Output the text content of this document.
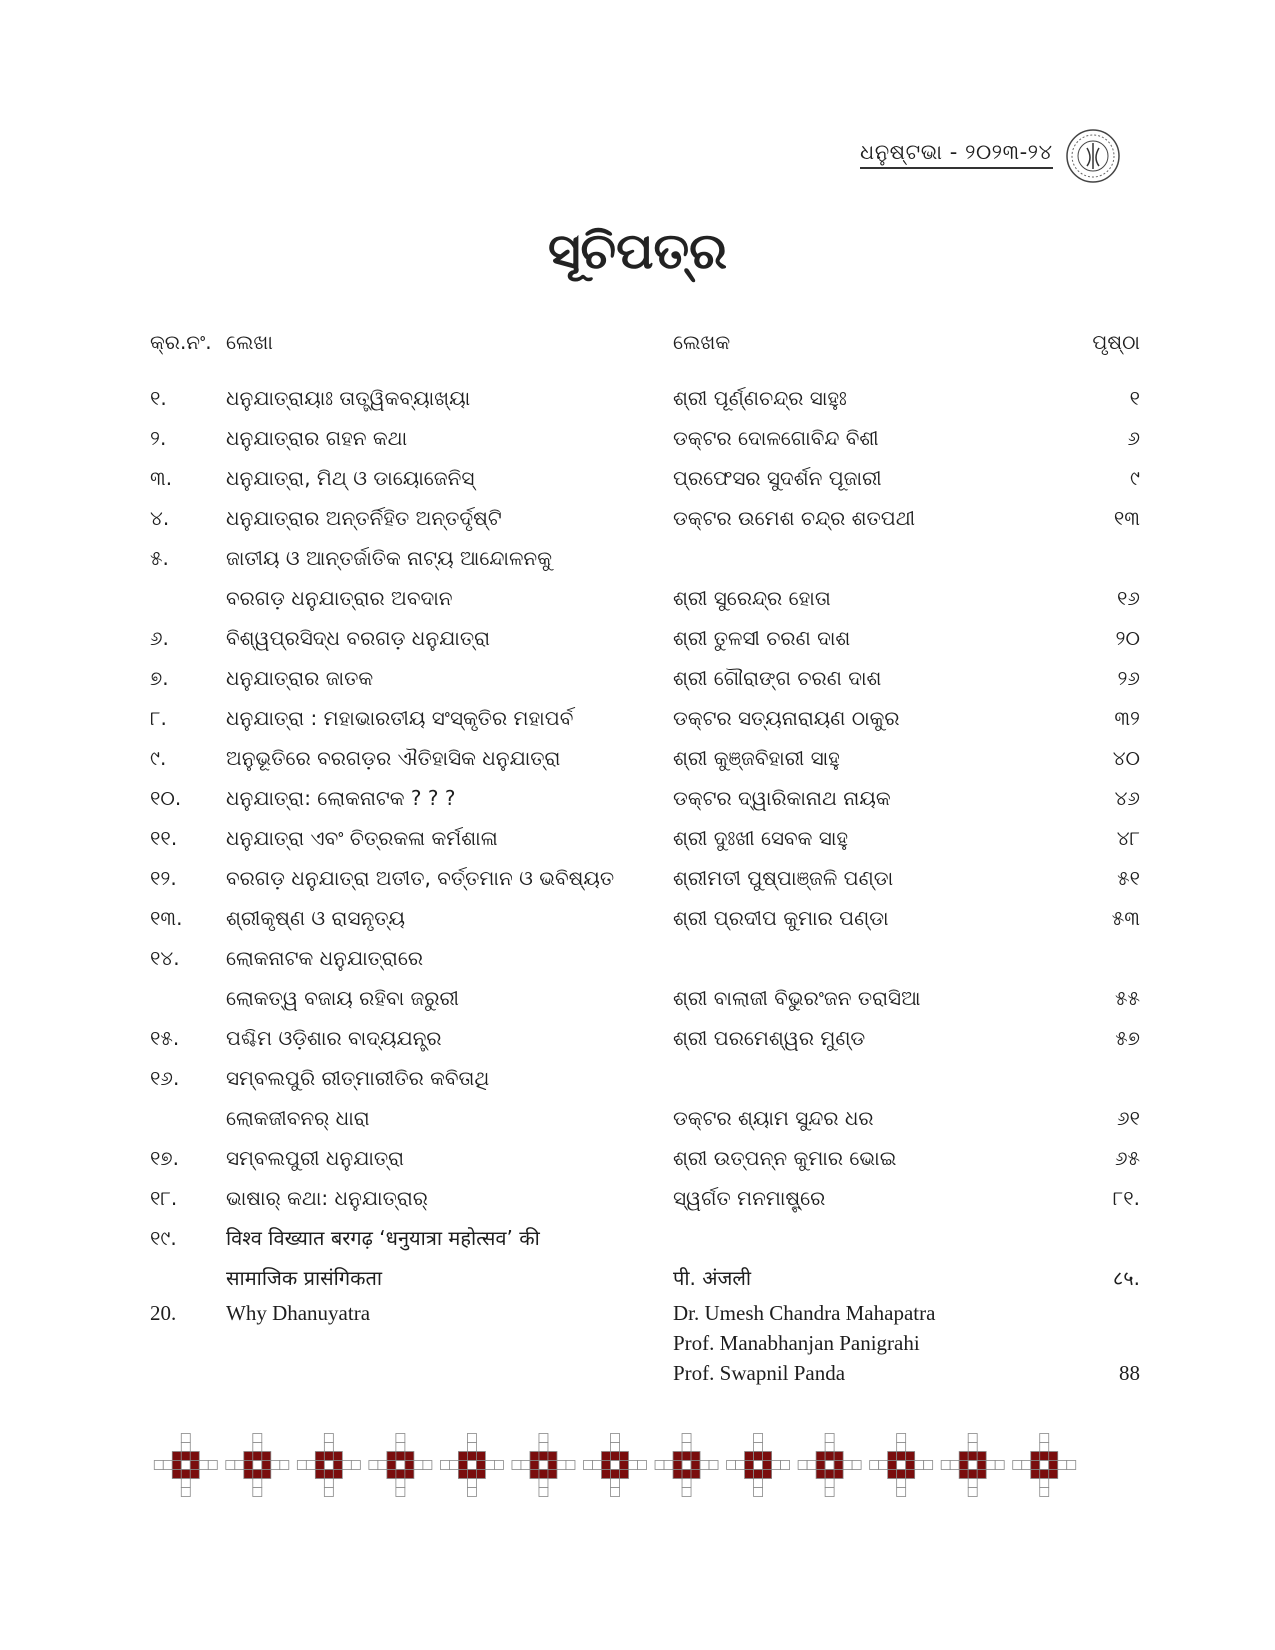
ଧନୁଷ୍ଟଭା - ୨୦୨୩-୨୪
ସୂଚିପତ୍ର
କ୍ର.ନଂ. ଲେଖା	ଲେଖକ	ପୃଷ୍ଠା
୧.	ଧନୁଯାତ୍ରାୟାଃ ତାତ୍ତ୍ୱିକବ୍ୟାଖ୍ୟା	ଶ୍ରୀ ପୂର୍ଣ୍ଣଚନ୍ଦ୍ର ସାହୁଃ	୧
୨.	ଧନୁଯାତ୍ରାର ଗହନ କଥା	ଡକ୍ଟର ଦୋଳଗୋବିନ୍ଦ ବିଶୀ	୬
୩.	ଧନୁଯାତ୍ରା, ମିଥ୍ ଓ ଡାୟୋଜେନିସ୍	ପ୍ରଫେସର ସୁଦର୍ଶନ ପୂଜାରୀ	୯
୪.	ଧନୁଯାତ୍ରାର ଅନ୍ତର୍ନିହିତ ଅନ୍ତର୍ଦୃଷ୍ଟି	ଡକ୍ଟର ଉମେଶ ଚନ୍ଦ୍ର ଶତପଥୀ	୧୩
୫.	ଜାତୀୟ ଓ ଆନ୍ତର୍ଜାତିକ ନାଟ୍ୟ ଆନ୍ଦୋଳନକୁ
ବରଗଡ଼ ଧନୁଯାତ୍ରାର ଅବଦାନ	ଶ୍ରୀ ସୁରେନ୍ଦ୍ର ହୋତା	୧୬
୬.	ବିଶ୍ୱପ୍ରସିଦ୍ଧ ବରଗଡ଼ ଧନୁଯାତ୍ରା	ଶ୍ରୀ ତୁଳସୀ ଚରଣ ଦାଶ	୨୦
୭.	ଧନୁଯାତ୍ରାର ଜାତକ	ଶ୍ରୀ ଗୌରାଙ୍ଗ ଚରଣ ଦାଶ	୨୬
୮.	ଧନୁଯାତ୍ରା : ମହାଭାରତୀୟ ସଂସ୍କୃତିର ମହାପର୍ବ	ଡକ୍ଟର ସତ୍ୟନାରାୟଣ ଠାକୁର	୩୨
୯.	ଅନୁଭୂତିରେ ବରଗଡ଼ର ଐତିହାସିକ ଧନୁଯାତ୍ରା	ଶ୍ରୀ କୁଞ୍ଜବିହାରୀ ସାହୁ	୪୦
୧୦.	ଧନୁଯାତ୍ରା: ଲୋକନାଟକ ? ? ?	ଡକ୍ଟର ଦ୍ୱାରିକାନାଥ ନାୟକ	୪୬
୧୧.	ଧନୁଯାତ୍ରା ଏବଂ ଚିତ୍ରକଳା କର୍ମଶାଳା	ଶ୍ରୀ ଦୁଃଖୀ ସେବକ ସାହୁ	୪୮
୧୨.	ବରଗଡ଼ ଧନୁଯାତ୍ରା ଅତୀତ, ବର୍ତ୍ତମାନ ଓ ଭବିଷ୍ୟତ	ଶ୍ରୀମତୀ ପୁଷ୍ପାଞ୍ଜଳି ପଣ୍ଡା	୫୧
୧୩.	ଶ୍ରୀକୃଷ୍ଣ ଓ ରାସନୃତ୍ୟ	ଶ୍ରୀ ପ୍ରଦୀପ କୁମାର ପଣ୍ଡା	୫୩
୧୪.	ଲୋକନାଟକ ଧନୁଯାତ୍ରାରେ
ଲୋକତ୍ୱ ବଜାୟ ରହିବା ଜରୁରୀ	ଶ୍ରୀ ବାଲାଜୀ ବିଭୁରଂଜନ ତରାସିଆ	୫୫
୧୫.	ପଶ୍ଚିମ ଓଡ଼ିଶାର ବାଦ୍ୟଯନ୍ତ୍ର	ଶ୍ରୀ ପରମେଶ୍ୱର ମୁଣ୍ଡ	୫୭
୧୬.	ସମ୍ବଲପୁରି ରୀତ୍‌ମାରୀତିର କବିତାଥି
ଲୋକଜୀବନର୍ ଧାରା	ଡକ୍ଟର ଶ୍ୟାମ ସୁନ୍ଦର ଧର	୬୧
୧୭.	ସମ୍ବଲପୁରୀ ଧନୁଯାତ୍ରା	ଶ୍ରୀ ଉତ୍ପନ୍ନ କୁମାର ଭୋଇ	୬୫
୧୮.	ଭାଷାର୍ କଥା: ଧନୁଯାତ୍ରାର୍	ସ୍ୱର୍ଗତ ମନମାଷ୍ଟ୍ରେ	୮୧.
୧୯.	विश्व विख्यात बरगढ़ ‘धनुयात्रा महोत्सव’ की
सामाजिक प्रासंगिकता	पी. अंजली	८५.
20.	Why Dhanuyatra	Dr. Umesh Chandra Mahapatra
Prof. Manabhanjan Panigrahi
Prof. Swapnil Panda	88
